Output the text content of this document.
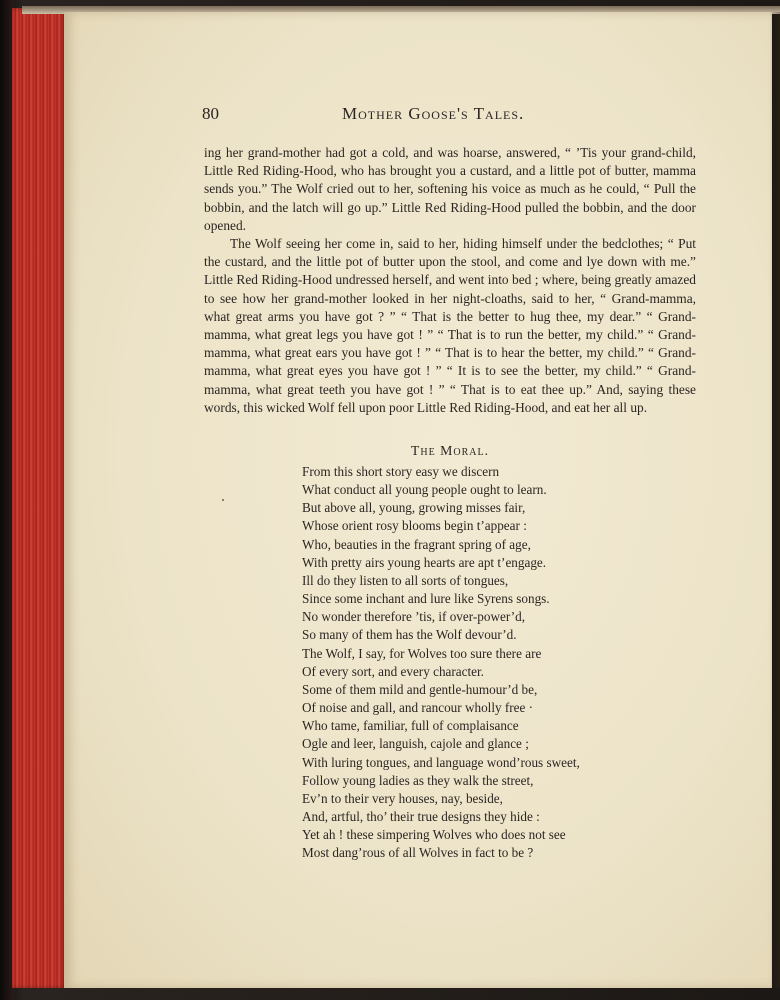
80	Mother Goose's Tales.

ing her grand-mother had got a cold, and was hoarse, answered, “ ’Tis your grand-child, Little Red Riding-Hood, who has brought you a custard, and a little pot of butter, mamma sends you.” The Wolf cried out to her, softening his voice as much as he could, “ Pull the bobbin, and the latch will go up.” Little Red Riding-Hood pulled the bobbin, and the door opened.

The Wolf seeing her come in, said to her, hiding himself under the bedclothes; “ Put the custard, and the little pot of butter upon the stool, and come and lye down with me.” Little Red Riding-Hood undressed herself, and went into bed ; where, being greatly amazed to see how her grand-mother looked in her night-cloaths, said to her, “ Grand-mamma, what great arms you have got ? ” “ That is the better to hug thee, my dear.” “ Grand-mamma, what great legs you have got ! ” “ That is to run the better, my child.” “ Grand-mamma, what great ears you have got ! ” “ That is to hear the better, my child.” “ Grand-mamma, what great eyes you have got ! ” “ It is to see the better, my child.” “ Grand-mamma, what great teeth you have got ! ” “ That is to eat thee up.” And, saying these words, this wicked Wolf fell upon poor Little Red Riding-Hood, and eat her all up.

The Moral.
From this short story easy we discern
What conduct all young people ought to learn.
But above all, young, growing misses fair,
Whose orient rosy blooms begin t’appear :
Who, beauties in the fragrant spring of age,
With pretty airs young hearts are apt t’engage.
Ill do they listen to all sorts of tongues,
Since some inchant and lure like Syrens songs.
No wonder therefore ’tis, if over-power’d,
So many of them has the Wolf devour’d.
The Wolf, I say, for Wolves too sure there are
Of every sort, and every character.
Some of them mild and gentle-humour’d be,
Of noise and gall, and rancour wholly free ·
Who tame, familiar, full of complaisance
Ogle and leer, languish, cajole and glance ;
With luring tongues, and language wond’rous sweet,
Follow young ladies as they walk the street,
Ev’n to their very houses, nay, beside,
And, artful, tho’ their true designs they hide :
Yet ah ! these simpering Wolves who does not see
Most dang’rous of all Wolves in fact to be ?
